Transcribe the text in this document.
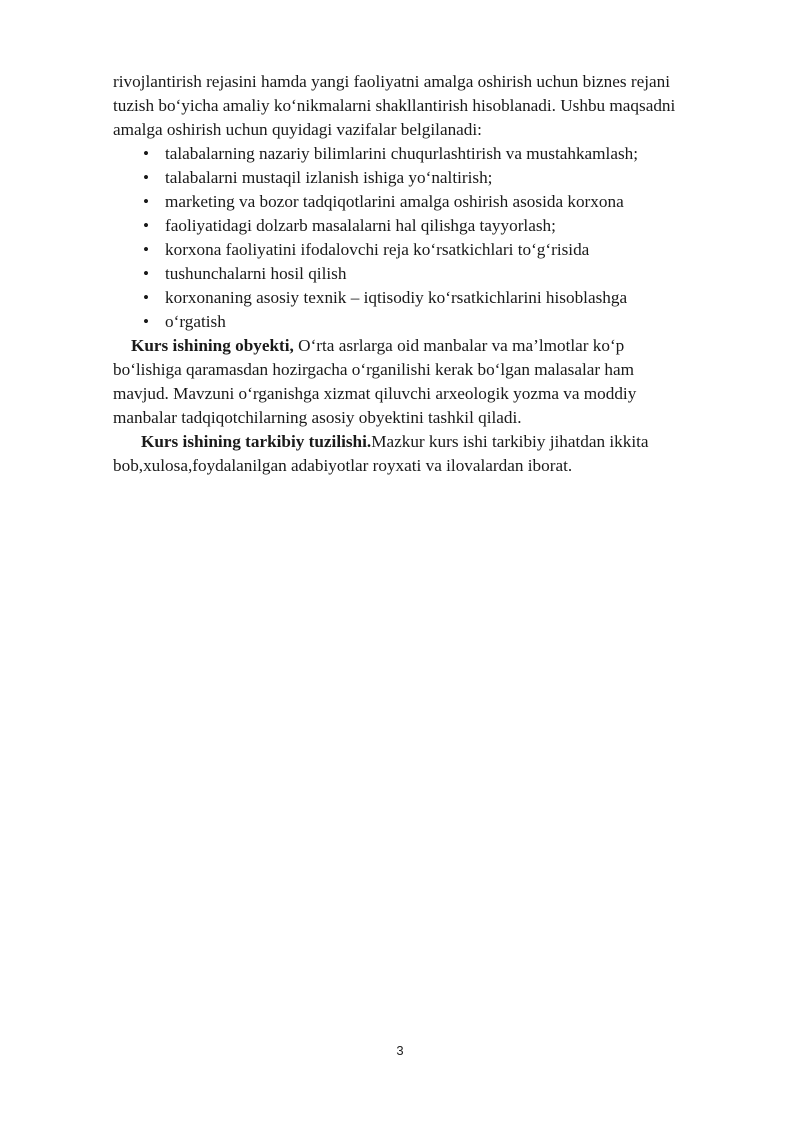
rivojlantirish rejasini hamda yangi faoliyatni amalga oshirish uchun biznes rejani

tuzish bo‘yicha amaliy ko‘nikmalarni shakllantirish hisoblanadi. Ushbu maqsadni

amalga oshirish uchun quyidagi vazifalar belgilanadi:

• talabalarning nazariy bilimlarini chuqurlashtirish va mustahkamlash;
• talabalarni mustaqil izlanish ishiga yo‘naltirish;
• marketing va bozor tadqiqotlarini amalga oshirish asosida korxona
• faoliyatidagi dolzarb masalalarni hal qilishga tayyorlash;
• korxona faoliyatini ifodalovchi reja ko‘rsatkichlari to‘g‘risida
• tushunchalarni hosil qilish
• korxonaning asosiy texnik – iqtisodiy ko‘rsatkichlarini hisoblashga
• o‘rgatish

Kurs ishining obyekti, O‘rta asrlarga oid manbalar va ma’lmotlar ko‘p

bo‘lishiga qaramasdan hozirgacha o‘rganilishi kerak bo‘lgan malasalar ham

mavjud. Mavzuni o‘rganishga xizmat qiluvchi arxeologik yozma va moddiy

manbalar tadqiqotchilarning asosiy obyektini tashkil qiladi.

Kurs ishining tarkibiy tuzilishi.Mazkur kurs ishi tarkibiy jihatdan ikkita

bob,xulosa,foydalanilgan adabiyotlar royxati va ilovalardan iborat.

3
